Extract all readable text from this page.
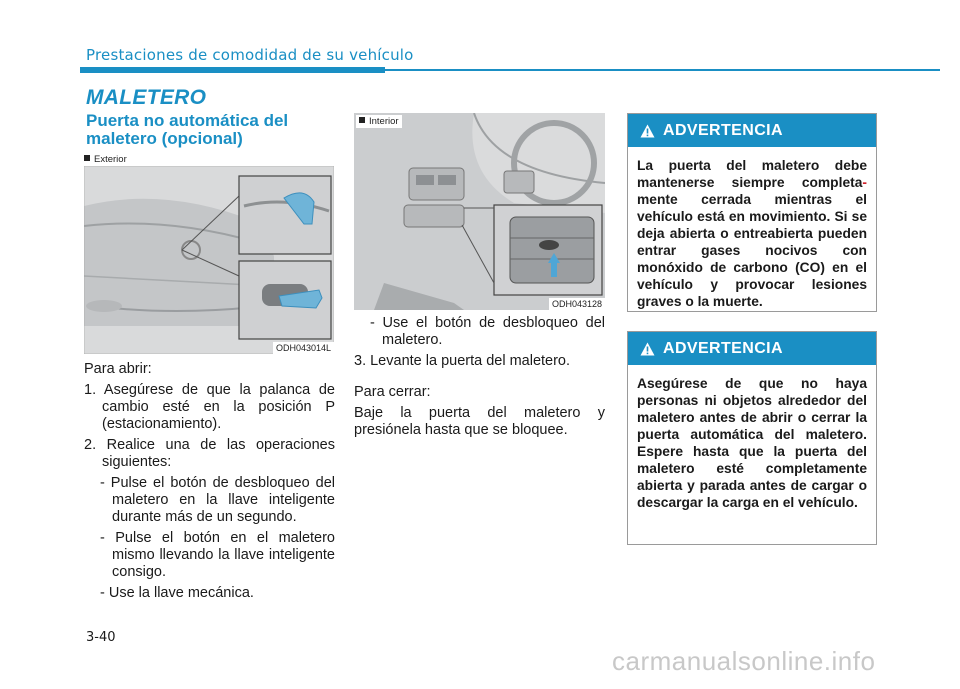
Prestaciones de comodidad de su vehículo
MALETERO
Puerta no automática del maletero (opcional)
Exterior
ODH043014L
Interior
ODH043128

Para abrir:

1. Asegúrese de que la palanca de cambio esté en la posición P (estacionamiento).

2. Realice una de las operaciones siguientes:

- Pulse el botón de desbloqueo del maletero en la llave inteligente durante más de un segundo.

- Pulse el botón en el maletero mismo llevando la llave inteligente consigo.

- Use la llave mecánica.

- Use el botón de desbloqueo del maletero.

3. Levante la puerta del maletero.

Para cerrar:

Baje la puerta del maletero y presiónela hasta que se bloquee.

ADVERTENCIA
La puerta del maletero debe mantenerse siempre completa- mente cerrada mientras el vehículo está en movimiento. Si se deja abierta o entreabierta pueden entrar gases nocivos con monóxido de carbono (CO) en el vehículo y provocar lesiones graves o la muerte.
ADVERTENCIA
Asegúrese de que no haya personas ni objetos alrededor del maletero antes de abrir o cerrar la puerta automática del maletero. Espere hasta que la puerta del maletero esté completamente abierta y parada antes de cargar o descargar la carga en el vehículo.
3-40
carmanualsonline.info
